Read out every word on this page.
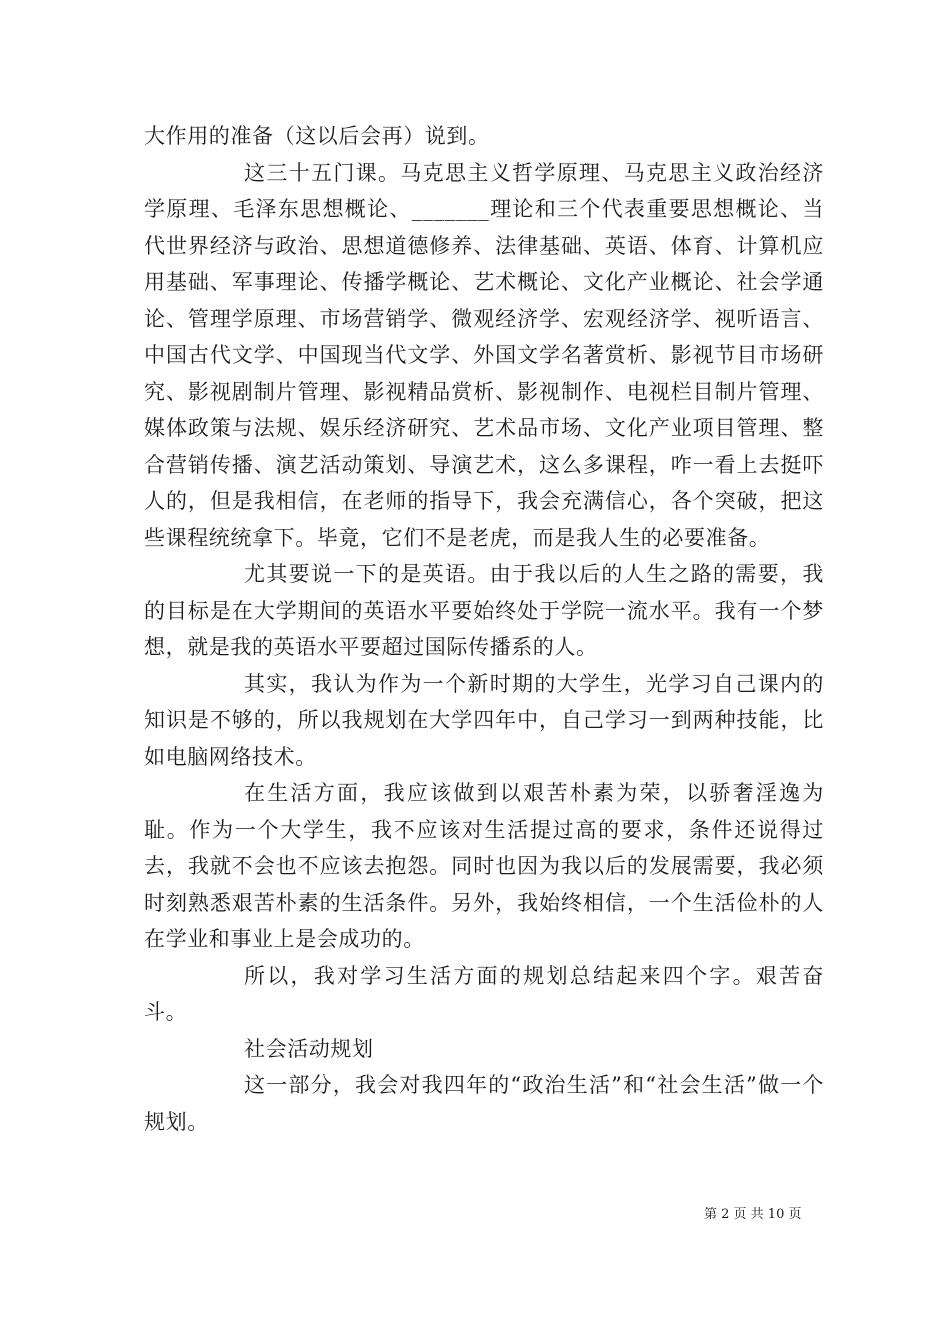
大作用的准备（这以后会再）说到。

这三十五门课。马克思主义哲学原理、马克思主义政治经济学原理、毛泽东思想概论、_______理论和三个代表重要思想概论、当代世界经济与政治、思想道德修养、法律基础、英语、体育、计算机应用基础、军事理论、传播学概论、艺术概论、文化产业概论、社会学通论、管理学原理、市场营销学、微观经济学、宏观经济学、视听语言、中国古代文学、中国现当代文学、外国文学名著赏析、影视节目市场研究、影视剧制片管理、影视精品赏析、影视制作、电视栏目制片管理、媒体政策与法规、娱乐经济研究、艺术品市场、文化产业项目管理、整合营销传播、演艺活动策划、导演艺术，这么多课程，咋一看上去挺吓人的，但是我相信，在老师的指导下，我会充满信心，各个突破，把这些课程统统拿下。毕竟，它们不是老虎，而是我人生的必要准备。

尤其要说一下的是英语。由于我以后的人生之路的需要，我的目标是在大学期间的英语水平要始终处于学院一流水平。我有一个梦想，就是我的英语水平要超过国际传播系的人。

其实，我认为作为一个新时期的大学生，光学习自己课内的知识是不够的，所以我规划在大学四年中，自己学习一到两种技能，比如电脑网络技术。

在生活方面，我应该做到以艰苦朴素为荣，以骄奢淫逸为耻。作为一个大学生，我不应该对生活提过高的要求，条件还说得过去，我就不会也不应该去抱怨。同时也因为我以后的发展需要，我必须时刻熟悉艰苦朴素的生活条件。另外，我始终相信，一个生活俭朴的人在学业和事业上是会成功的。

所以，我对学习生活方面的规划总结起来四个字。艰苦奋斗。

社会活动规划

这一部分，我会对我四年的“政治生活”和“社会生活”做一个规划。

第 2 页 共 10 页
